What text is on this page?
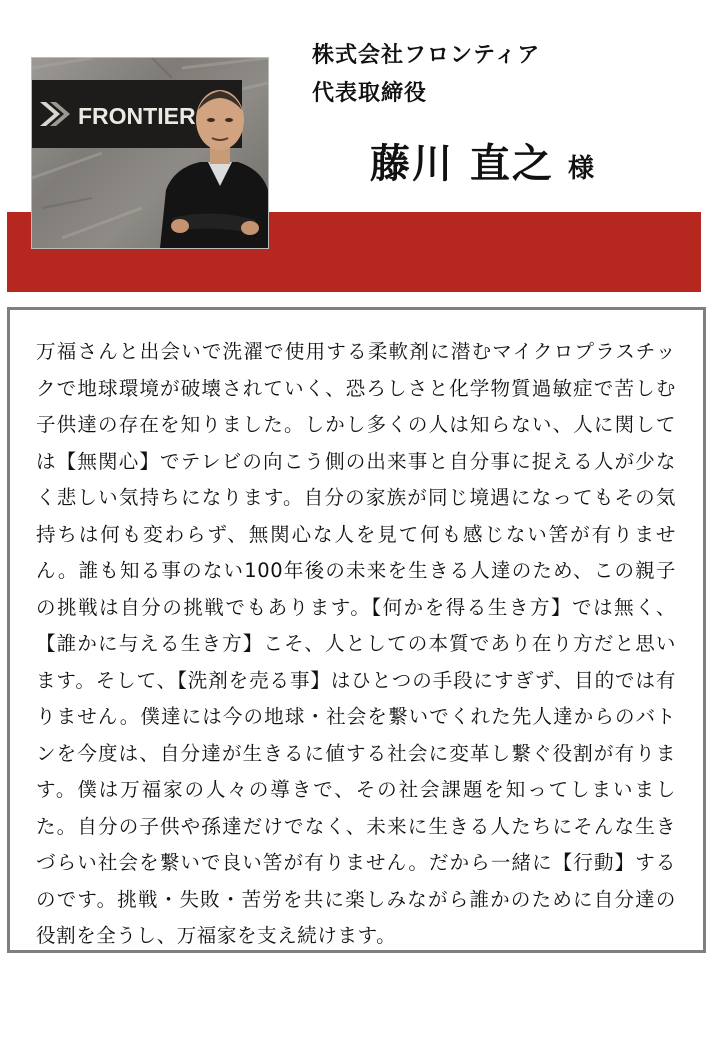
FRONTIER
株式会社フロンティア
代表取締役
藤川 直之 様

万福さんと出会いで洗濯で使用する柔軟剤に潜むマイクロプラスチックで地球環境が破壊されていく、恐ろしさと化学物質過敏症で苦しむ子供達の存在を知りました。しかし多くの人は知らない、人に関しては【無関心】でテレビの向こう側の出来事と自分事に捉える人が少なく悲しい気持ちになります。自分の家族が同じ境遇になってもその気持ちは何も変わらず、無関心な人を見て何も感じない筈が有りません。誰も知る事のない100年後の未来を生きる人達のため、この親子の挑戦は自分の挑戦でもあります。【何かを得る生き方】では無く、【誰かに与える生き方】こそ、人としての本質であり在り方だと思います。そして、【洗剤を売る事】はひとつの手段にすぎず、目的では有りません。僕達には今の地球・社会を繋いでくれた先人達からのバトンを今度は、自分達が生きるに値する社会に変革し繋ぐ役割が有ります。僕は万福家の人々の導きで、その社会課題を知ってしまいました。自分の子供や孫達だけでなく、未来に生きる人たちにそんな生きづらい社会を繋いで良い筈が有りません。だから一緒に【行動】するのです。挑戦・失敗・苦労を共に楽しみながら誰かのために自分達の役割を全うし、万福家を支え続けます。
